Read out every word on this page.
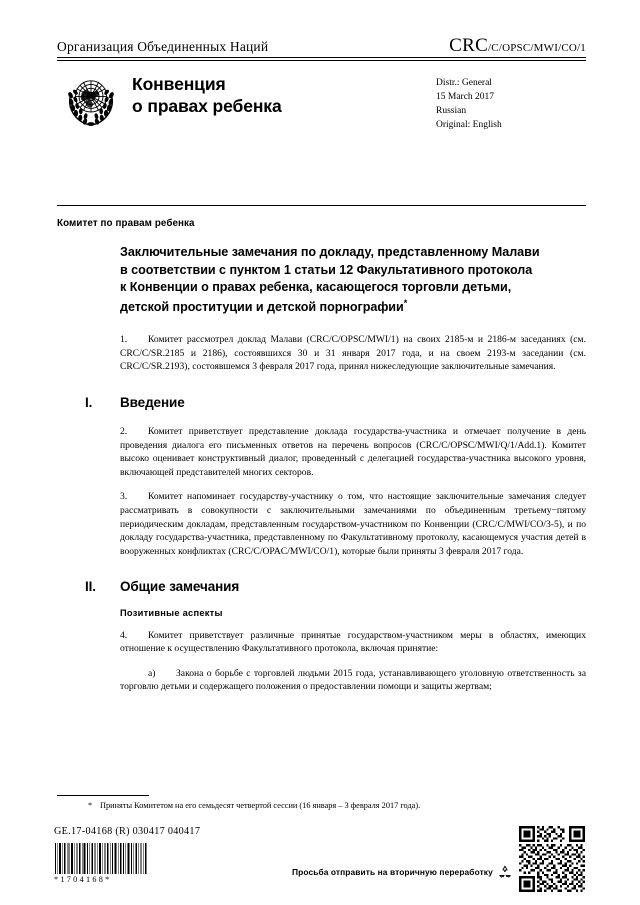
Организация Объединенных Наций	CRC/C/OPSC/MWI/CO/1
Конвенция
о правах ребенка
Distr.: General
15 March 2017
Russian
Original: English
Комитет по правам ребенка
Заключительные замечания по докладу, представленному Малави в соответствии с пунктом 1 статьи 12 Факультативного протокола к Конвенции о правах ребенка, касающегося торговли детьми, детской проституции и детской порнографии*

1. Комитет рассмотрел доклад Малави (CRC/C/OPSC/MWI/1) на своих 2185-м и 2186-м заседаниях (см. CRC/C/SR.2185 и 2186), состоявшихся 30 и 31 января 2017 года, и на своем 2193-м заседании (см. CRC/C/SR.2193), состоявшемся 3 февраля 2017 года, принял нижеследующие заключительные замечания.

I.	Введение

2. Комитет приветствует представление доклада государства-участника и отмечает получение в день проведения диалога его письменных ответов на перечень вопросов (CRC/C/OPSC/MWI/Q/1/Add.1). Комитет высоко оценивает конструктивный диалог, проведенный с делегацией государства-участника высокого уровня, включающей представителей многих секторов.

3. Комитет напоминает государству-участнику о том, что настоящие заключительные замечания следует рассматривать в совокупности с заключительными замечаниями по объединенным третьему−пятому периодическим докладам, представленным государством-участником по Конвенции (CRC/C/MWI/CO/3-5), и по докладу государства-участника, представленному по Факультативному протоколу, касающемуся участия детей в вооруженных конфликтах (CRC/C/OPAC/MWI/CO/1), которые были приняты 3 февраля 2017 года.

II.	Общие замечания
Позитивные аспекты

4. Комитет приветствует различные принятые государством-участником меры в областях, имеющих отношение к осуществлению Факультативного протокола, включая принятие:

a) Закона о борьбе с торговлей людьми 2015 года, устанавливающего уголовную ответственность за торговлю детьми и содержащего положения о предоставлении помощи и защиты жертвам;

* Приняты Комитетом на его семьдесят четвертой сессии (16 января – 3 февраля 2017 года).
GE.17-04168 (R) 030417 040417
*1704168*
Просьба отправить на вторичную переработку
